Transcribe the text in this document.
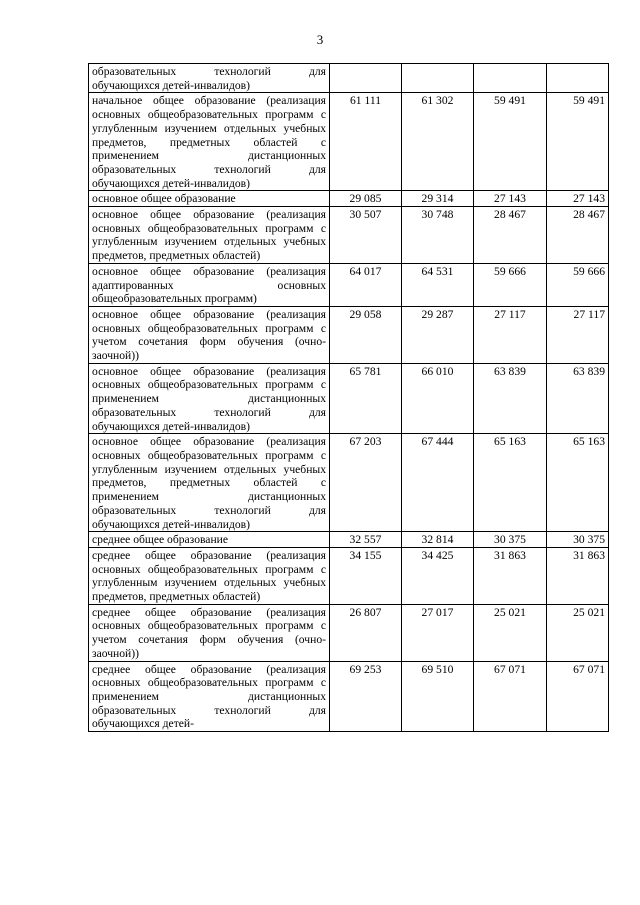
3
образовательных технологий для обучающихся детей-инвалидов)				
начальное общее образование (реализация основных общеобразовательных программ с углубленным изучением отдельных учебных предметов, предметных областей с применением дистанционных образовательных технологий для обучающихся детей-инвалидов)	61 111	61 302	59 491	59 491
основное общее образование	29 085	29 314	27 143	27 143
основное общее образование (реализация основных общеобразовательных программ с углубленным изучением отдельных учебных предметов, предметных областей)	30 507	30 748	28 467	28 467
основное общее образование (реализация адаптированных основных общеобразовательных программ)	64 017	64 531	59 666	59 666
основное общее образование (реализация основных общеобразовательных программ с учетом сочетания форм обучения (очно-заочной))	29 058	29 287	27 117	27 117
основное общее образование (реализация основных общеобразовательных программ с применением дистанционных образовательных технологий для обучающихся детей-инвалидов)	65 781	66 010	63 839	63 839
основное общее образование (реализация основных общеобразовательных программ с углубленным изучением отдельных учебных предметов, предметных областей с применением дистанционных образовательных технологий для обучающихся детей-инвалидов)	67 203	67 444	65 163	65 163
среднее общее образование	32 557	32 814	30 375	30 375
среднее общее образование (реализация основных общеобразовательных программ с углубленным изучением отдельных учебных предметов, предметных областей)	34 155	34 425	31 863	31 863
среднее общее образование (реализация основных общеобразовательных программ с учетом сочетания форм обучения (очно-заочной))	26 807	27 017	25 021	25 021
среднее общее образование (реализация основных общеобразовательных программ с применением дистанционных образовательных технологий для обучающихся детей-	69 253	69 510	67 071	67 071
